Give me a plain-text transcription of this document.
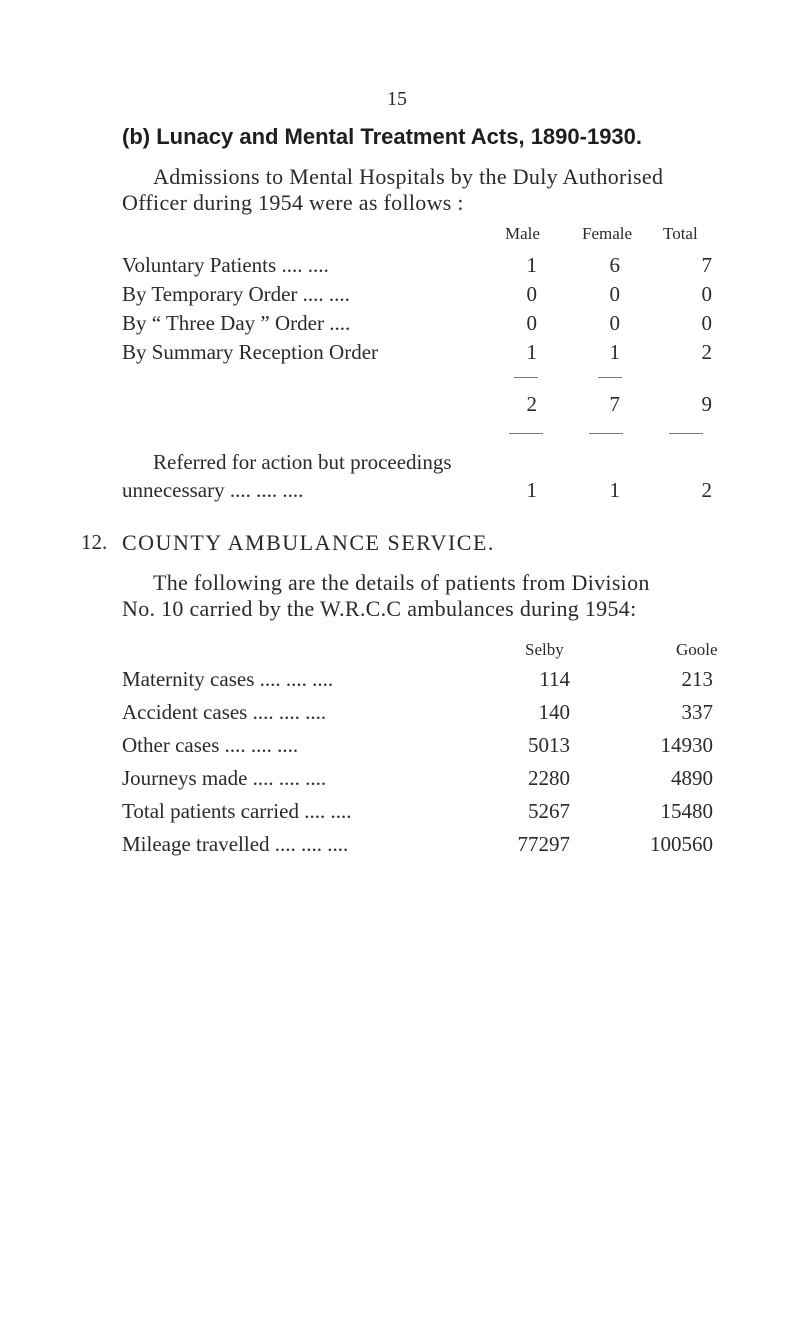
15
(b) Lunacy and Mental Treatment Acts, 1890-1930.
Admissions to Mental Hospitals by the Duly Authorised
Officer during 1954 were as follows :
Male Female Total
Voluntary Patients .... ....	1	6	7
By Temporary Order .... ....	0	0	0
By “ Three Day ” Order ....	0	0	0
By Summary Reception Order	1	1	2
2	7	9
Referred for action but proceedings
unnecessary .... .... ....	1	1	2
12. COUNTY AMBULANCE SERVICE.
The following are the details of patients from Division
No. 10 carried by the W.R.C.C ambulances during 1954:
Selby	Goole
Maternity cases .... .... ....	114	213
Accident cases .... .... ....	140	337
Other cases .... .... ....	5013	14930
Journeys made .... .... ....	2280	4890
Total patients carried .... ....	5267	15480
Mileage travelled .... .... ....	77297	100560
